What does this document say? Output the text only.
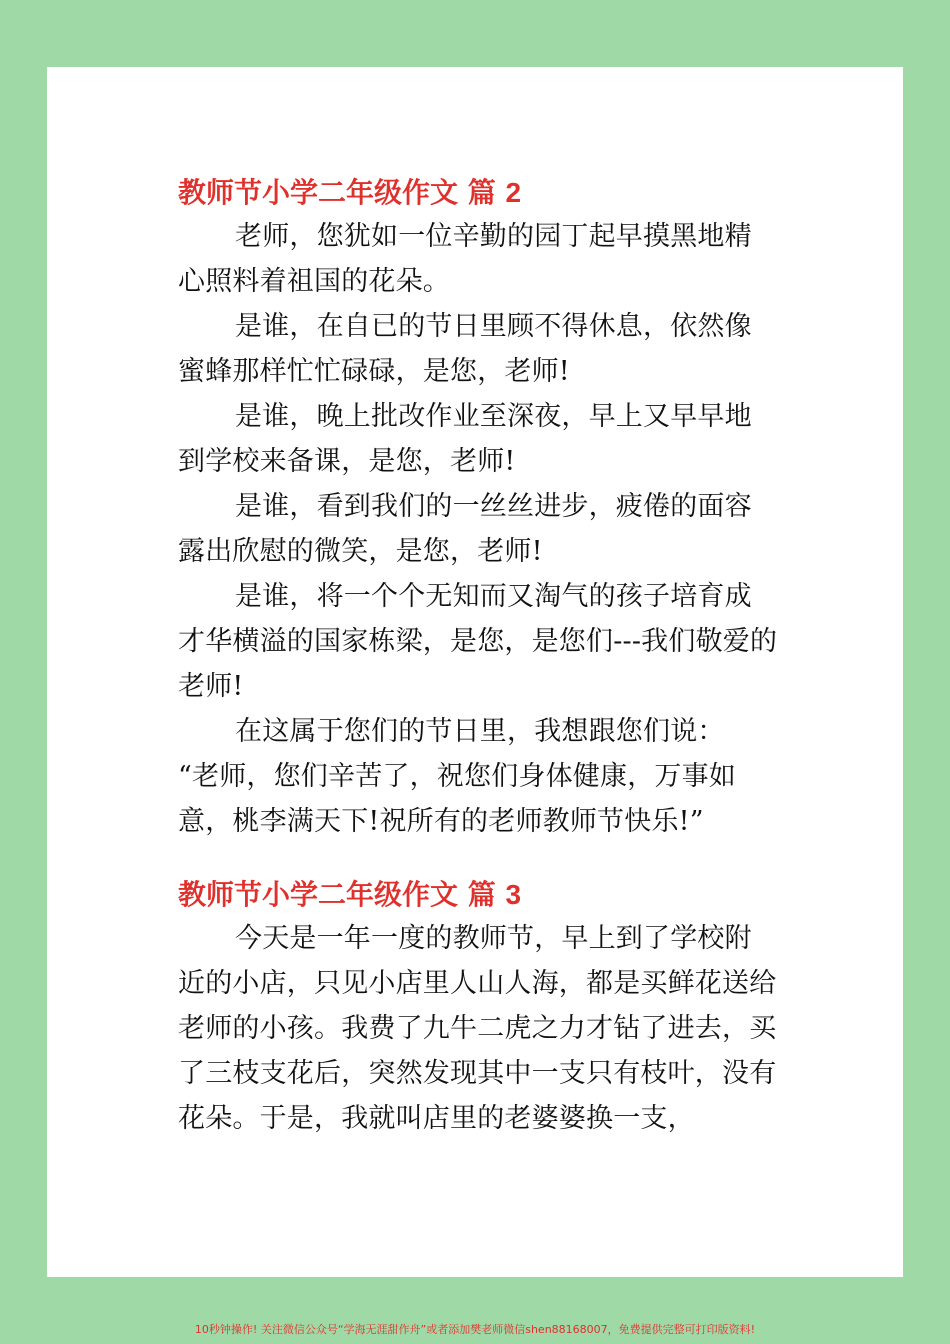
教师节小学二年级作文 篇 2

老师，您犹如一位辛勤的园丁起早摸黑地精心照料着祖国的花朵。

是谁，在自已的节日里顾不得休息，依然像蜜蜂那样忙忙碌碌，是您，老师!

是谁，晚上批改作业至深夜，早上又早早地到学校来备课，是您，老师!

是谁，看到我们的一丝丝进步，疲倦的面容露出欣慰的微笑，是您，老师!

是谁，将一个个无知而又淘气的孩子培育成才华横溢的国家栋梁，是您，是您们---我们敬爱的老师!

在这属于您们的节日里，我想跟您们说：

“老师，您们辛苦了，祝您们身体健康，万事如意，桃李满天下!祝所有的老师教师节快乐!”

教师节小学二年级作文 篇 3

今天是一年一度的教师节，早上到了学校附近的小店，只见小店里人山人海，都是买鲜花送给老师的小孩。我费了九牛二虎之力才钻了进去，买了三枝支花后，突然发现其中一支只有枝叶，没有花朵。于是，我就叫店里的老婆婆换一支，

10秒钟操作! 关注微信公众号“学海无涯甜作舟”或者添加樊老师微信shen88168007，免费提供完整可打印版资料!
